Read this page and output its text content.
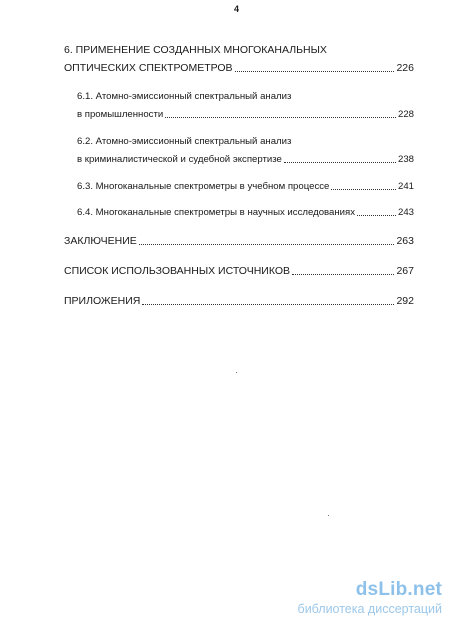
4
6. ПРИМЕНЕНИЕ СОЗДАННЫХ МНОГОКАНАЛЬНЫХ
ОПТИЧЕСКИХ СПЕКТРОМЕТРОВ	226
6.1. Атомно-эмиссионный спектральный анализ
в промышленности	228
6.2. Атомно-эмиссионный спектральный анализ
в криминалистической и судебной экспертизе	238
6.3. Многоканальные спектрометры в учебном процессе	241
6.4. Многоканальные спектрометры в научных исследованиях	243
ЗАКЛЮЧЕНИЕ	263
СПИСОК ИСПОЛЬЗОВАННЫХ ИСТОЧНИКОВ	267
ПРИЛОЖЕНИЯ	292
dsLib.net
библиотека диссертаций
